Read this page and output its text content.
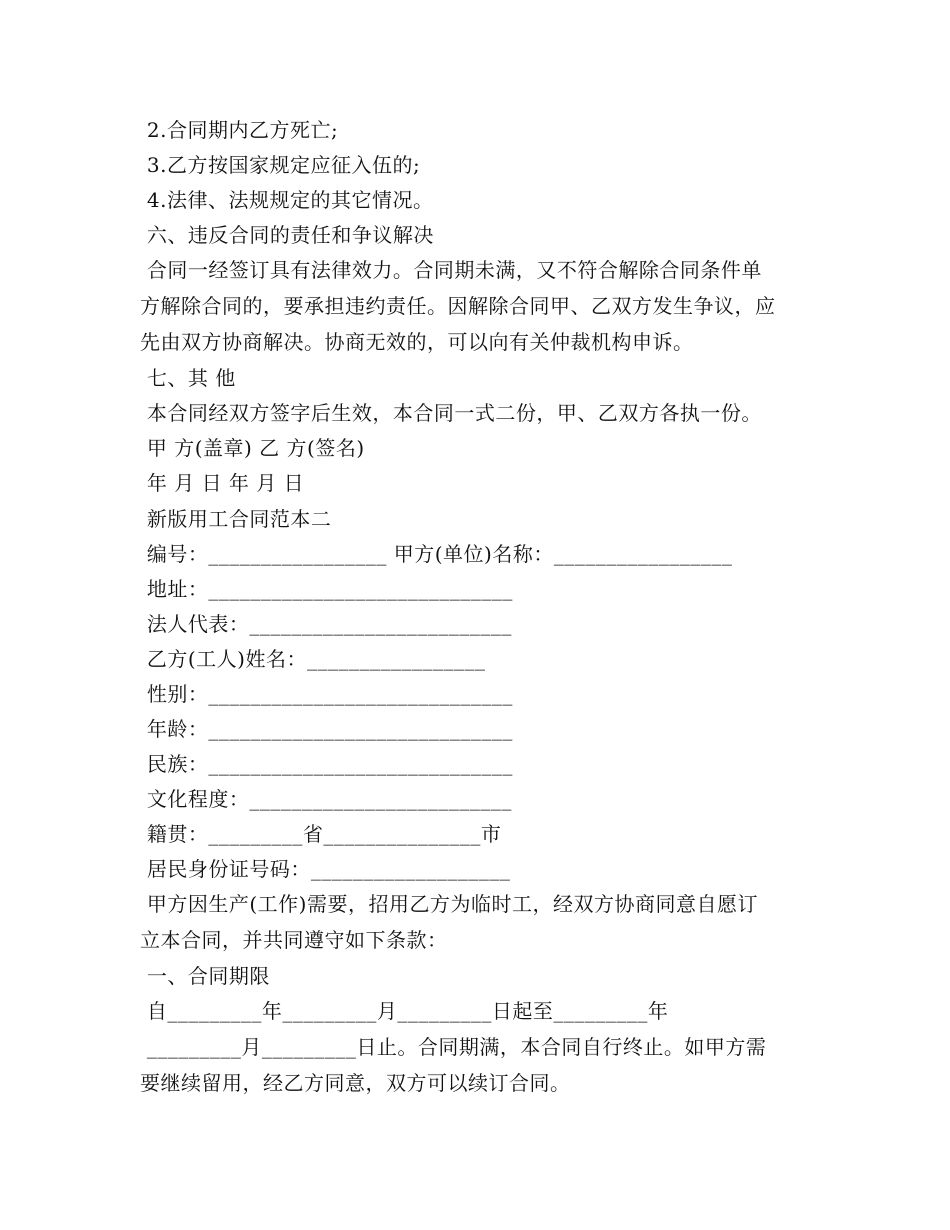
2.合同期内乙方死亡;
3.乙方按国家规定应征入伍的;
4.法律、法规规定的其它情况。
六、违反合同的责任和争议解决
合同一经签订具有法律效力。合同期未满，又不符合解除合同条件单
方解除合同的，要承担违约责任。因解除合同甲、乙双方发生争议，应
先由双方协商解决。协商无效的，可以向有关仲裁机构申诉。
七、其 他
本合同经双方签字后生效，本合同一式二份，甲、乙双方各执一份。
甲 方(盖章) 乙 方(签名)
年 月 日 年 月 日
新版用工合同范本二
编号：_________________ 甲方(单位)名称：_________________
地址：_____________________________
法人代表：_________________________
乙方(工人)姓名：_________________
性别：_____________________________
年龄：_____________________________
民族：_____________________________
文化程度：_________________________
籍贯：_________省_______________市
居民身份证号码：___________________
甲方因生产(工作)需要，招用乙方为临时工，经双方协商同意自愿订
立本合同，并共同遵守如下条款：
一、合同期限
自_________年_________月_________日起至_________年
_________月_________日止。合同期满，本合同自行终止。如甲方需
要继续留用，经乙方同意，双方可以续订合同。
